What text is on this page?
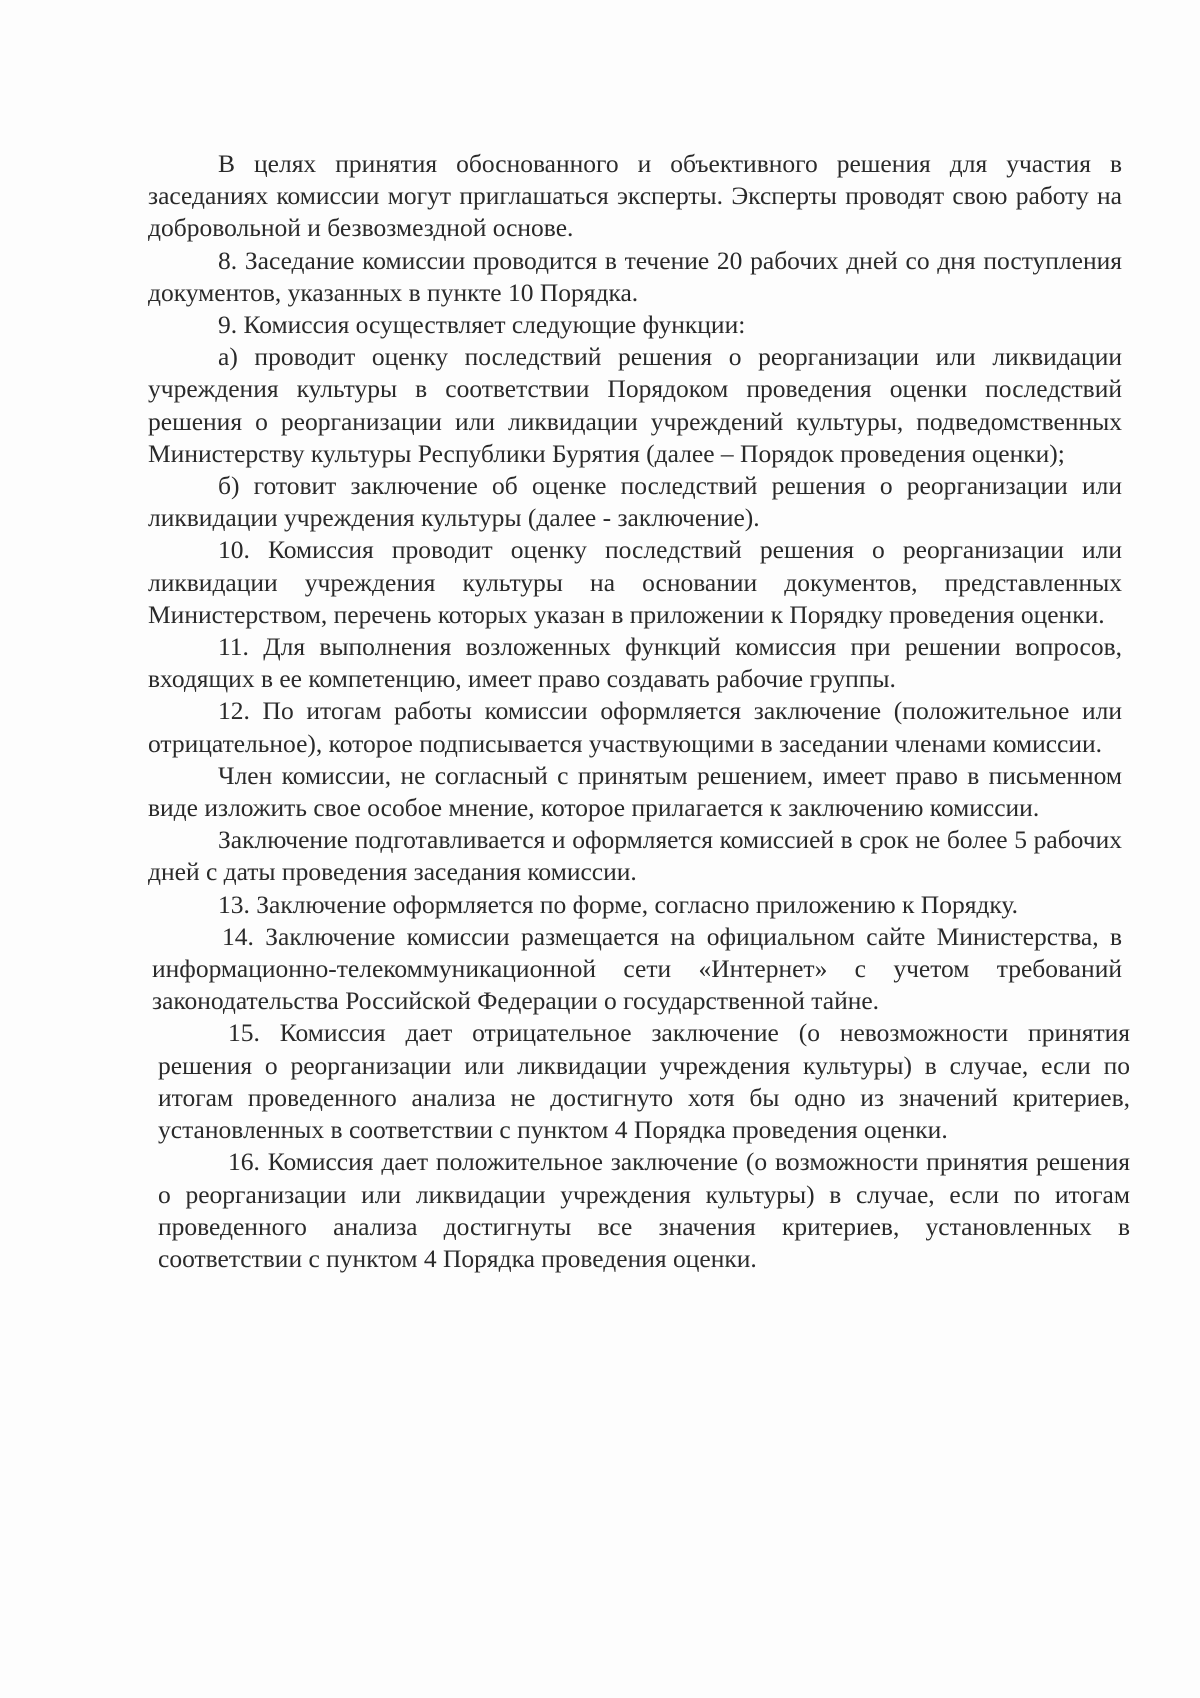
В целях принятия обоснованного и объективного решения для участия в заседаниях комиссии могут приглашаться эксперты. Эксперты проводят свою работу на добровольной и безвозмездной основе.

8. Заседание комиссии проводится в течение 20 рабочих дней со дня поступления документов, указанных в пункте 10 Порядка.

9. Комиссия осуществляет следующие функции:

а) проводит оценку последствий решения о реорганизации или ликвидации учреждения культуры в соответствии Порядоком проведения оценки последствий решения о реорганизации или ликвидации учреждений культуры, подведомственных Министерству культуры Республики Бурятия (далее – Порядок проведения оценки);

б) готовит заключение об оценке последствий решения о реорганизации или ликвидации учреждения культуры (далее - заключение).

10. Комиссия проводит оценку последствий решения о реорганизации или ликвидации учреждения культуры на основании документов, представленных Министерством, перечень которых указан в приложении к Порядку проведения оценки.

11. Для выполнения возложенных функций комиссия при решении вопросов, входящих в ее компетенцию, имеет право создавать рабочие группы.

12. По итогам работы комиссии оформляется заключение (положительное или отрицательное), которое подписывается участвующими в заседании членами комиссии.

Член комиссии, не согласный с принятым решением, имеет право в письменном виде изложить свое особое мнение, которое прилагается к заключению комиссии.

Заключение подготавливается и оформляется комиссией в срок не более 5 рабочих дней с даты проведения заседания комиссии.

13. Заключение оформляется по форме, согласно приложению к Порядку.

14. Заключение комиссии размещается на официальном сайте Министерства, в информационно-телекоммуникационной сети «Интернет» с учетом требований законодательства Российской Федерации о государственной тайне.

15. Комиссия дает отрицательное заключение (о невозможности принятия решения о реорганизации или ликвидации учреждения культуры) в случае, если по итогам проведенного анализа не достигнуто хотя бы одно из значений критериев, установленных в соответствии с пунктом 4 Порядка проведения оценки.

16. Комиссия дает положительное заключение (о возможности принятия решения о реорганизации или ликвидации учреждения культуры) в случае, если по итогам проведенного анализа достигнуты все значения критериев, установленных в соответствии с пунктом 4 Порядка проведения оценки.
